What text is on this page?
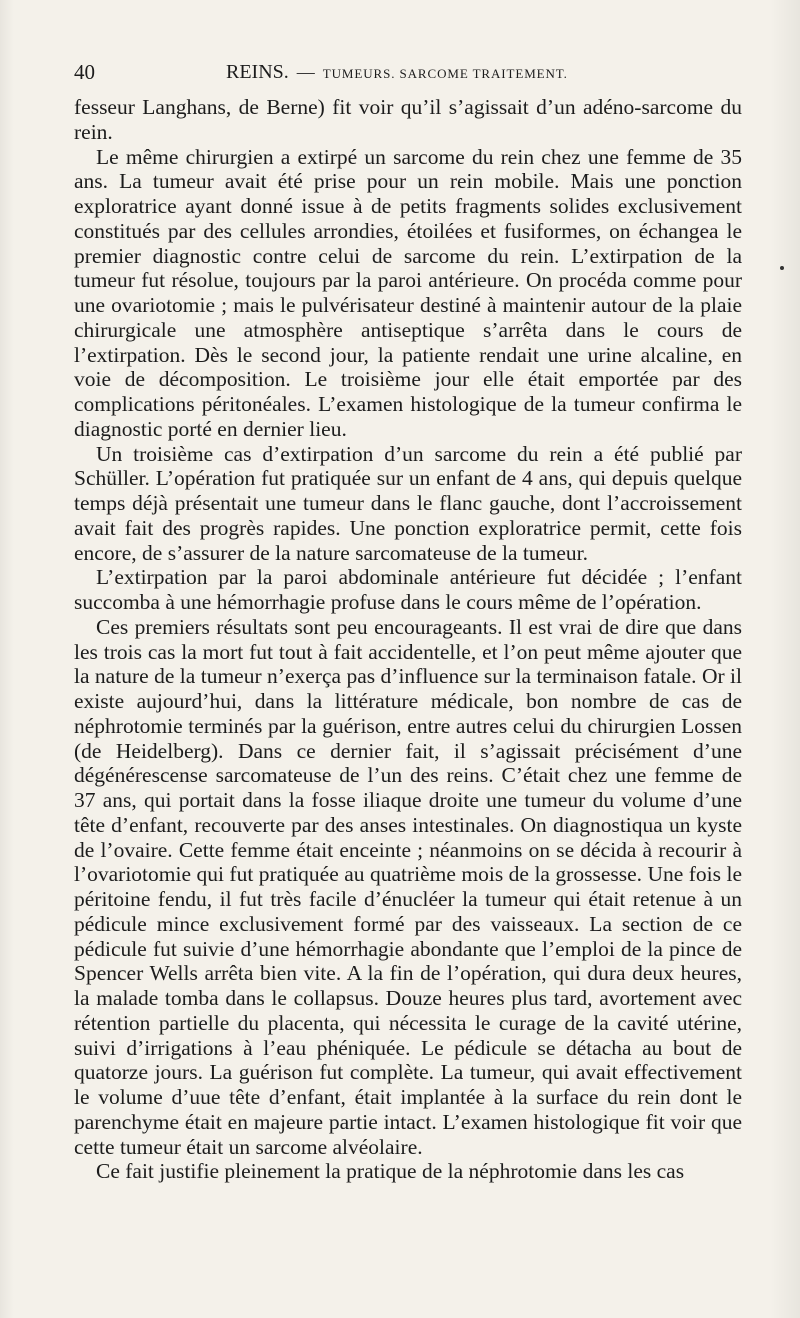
40	REINS. — TUMEURS. SARCOME TRAITEMENT.

fesseur Langhans, de Berne) fit voir qu’il s’agissait d’un adéno-sarcome du rein.

Le même chirurgien a extirpé un sarcome du rein chez une femme de 35 ans. La tumeur avait été prise pour un rein mobile. Mais une ponction exploratrice ayant donné issue à de petits fragments solides exclusivement constitués par des cellules arrondies, étoilées et fusiformes, on échangea le premier diagnostic contre celui de sarcome du rein. L’extirpation de la tumeur fut résolue, toujours par la paroi antérieure. On procéda comme pour une ovariotomie ; mais le pulvérisateur destiné à maintenir autour de la plaie chirurgicale une atmosphère antiseptique s’arrêta dans le cours de l’extirpation. Dès le second jour, la patiente rendait une urine alcaline, en voie de décomposition. Le troisième jour elle était emportée par des complications péritonéales. L’examen histologique de la tumeur confirma le diagnostic porté en dernier lieu.

Un troisième cas d’extirpation d’un sarcome du rein a été publié par Schüller. L’opération fut pratiquée sur un enfant de 4 ans, qui depuis quelque temps déjà présentait une tumeur dans le flanc gauche, dont l’accroissement avait fait des progrès rapides. Une ponction exploratrice permit, cette fois encore, de s’assurer de la nature sarcomateuse de la tumeur.

L’extirpation par la paroi abdominale antérieure fut décidée ; l’enfant succomba à une hémorrhagie profuse dans le cours même de l’opération.

Ces premiers résultats sont peu encourageants. Il est vrai de dire que dans les trois cas la mort fut tout à fait accidentelle, et l’on peut même ajouter que la nature de la tumeur n’exerça pas d’influence sur la terminaison fatale. Or il existe aujourd’hui, dans la littérature médicale, bon nombre de cas de néphrotomie terminés par la guérison, entre autres celui du chirurgien Lossen (de Heidelberg). Dans ce dernier fait, il s’agissait précisément d’une dégénérescense sarcomateuse de l’un des reins. C’était chez une femme de 37 ans, qui portait dans la fosse iliaque droite une tumeur du volume d’une tête d’enfant, recouverte par des anses intestinales. On diagnostiqua un kyste de l’ovaire. Cette femme était enceinte ; néanmoins on se décida à recourir à l’ovariotomie qui fut pratiquée au quatrième mois de la grossesse. Une fois le péritoine fendu, il fut très facile d’énucléer la tumeur qui était retenue à un pédicule mince exclusivement formé par des vaisseaux. La section de ce pédicule fut suivie d’une hémorrhagie abondante que l’emploi de la pince de Spencer Wells arrêta bien vite. A la fin de l’opération, qui dura deux heures, la malade tomba dans le collapsus. Douze heures plus tard, avortement avec rétention partielle du placenta, qui nécessita le curage de la cavité utérine, suivi d’irrigations à l’eau phéniquée. Le pédicule se détacha au bout de quatorze jours. La guérison fut complète. La tumeur, qui avait effectivement le volume d’uue tête d’enfant, était implantée à la surface du rein dont le parenchyme était en majeure partie intact. L’examen histologique fit voir que cette tumeur était un sarcome alvéolaire.

Ce fait justifie pleinement la pratique de la néphrotomie dans les cas
